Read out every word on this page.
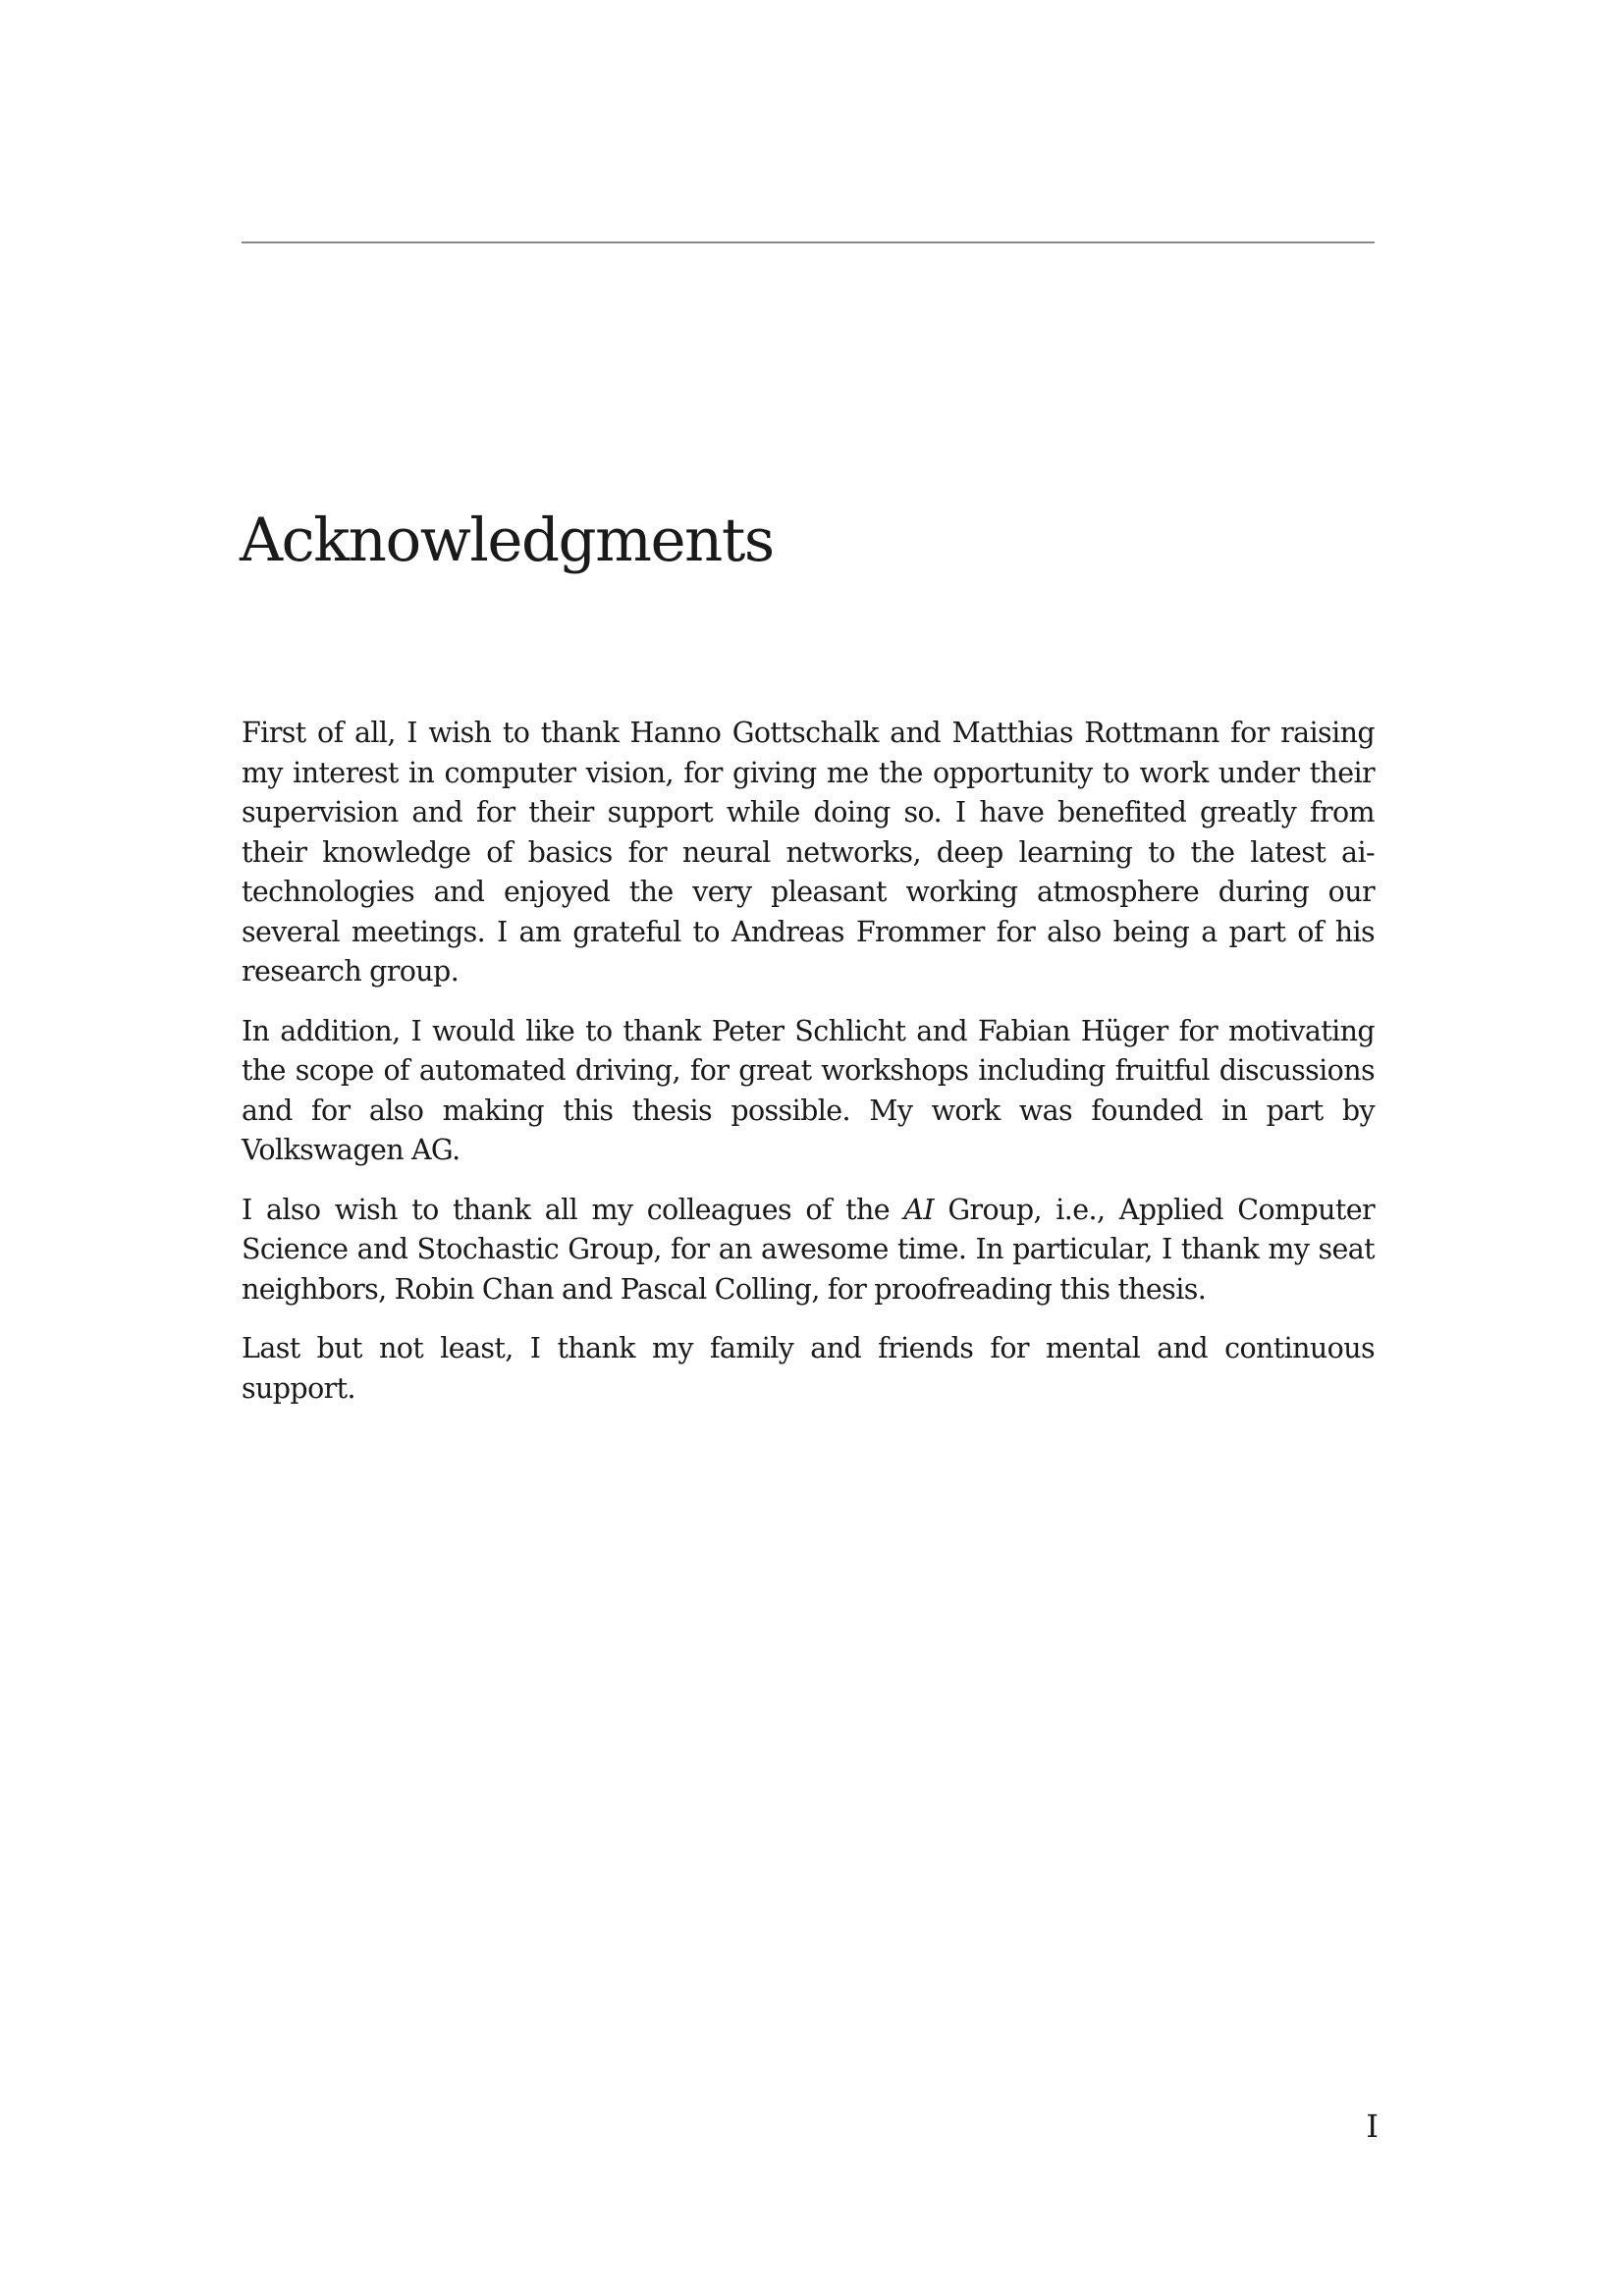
Acknowledgments

First of all, I wish to thank Hanno Gottschalk and Matthias Rottmann for raising my interest in computer vision, for giving me the opportunity to work under their supervision and for their support while doing so. I have benefited greatly from their knowledge of basics for neural networks, deep learning to the latest ai-technologies and enjoyed the very pleasant working atmosphere during our several meetings. I am grateful to Andreas Frommer for also being a part of his research group.

In addition, I would like to thank Peter Schlicht and Fabian Hüger for motivating the scope of automated driving, for great workshops including fruitful discussions and for also making this thesis possible. My work was founded in part by Volkswagen AG.

I also wish to thank all my colleagues of the AI Group, i.e., Applied Computer Science and Stochastic Group, for an awesome time. In particular, I thank my seat neighbors, Robin Chan and Pascal Colling, for proofreading this thesis.

Last but not least, I thank my family and friends for mental and continuous support.

I
